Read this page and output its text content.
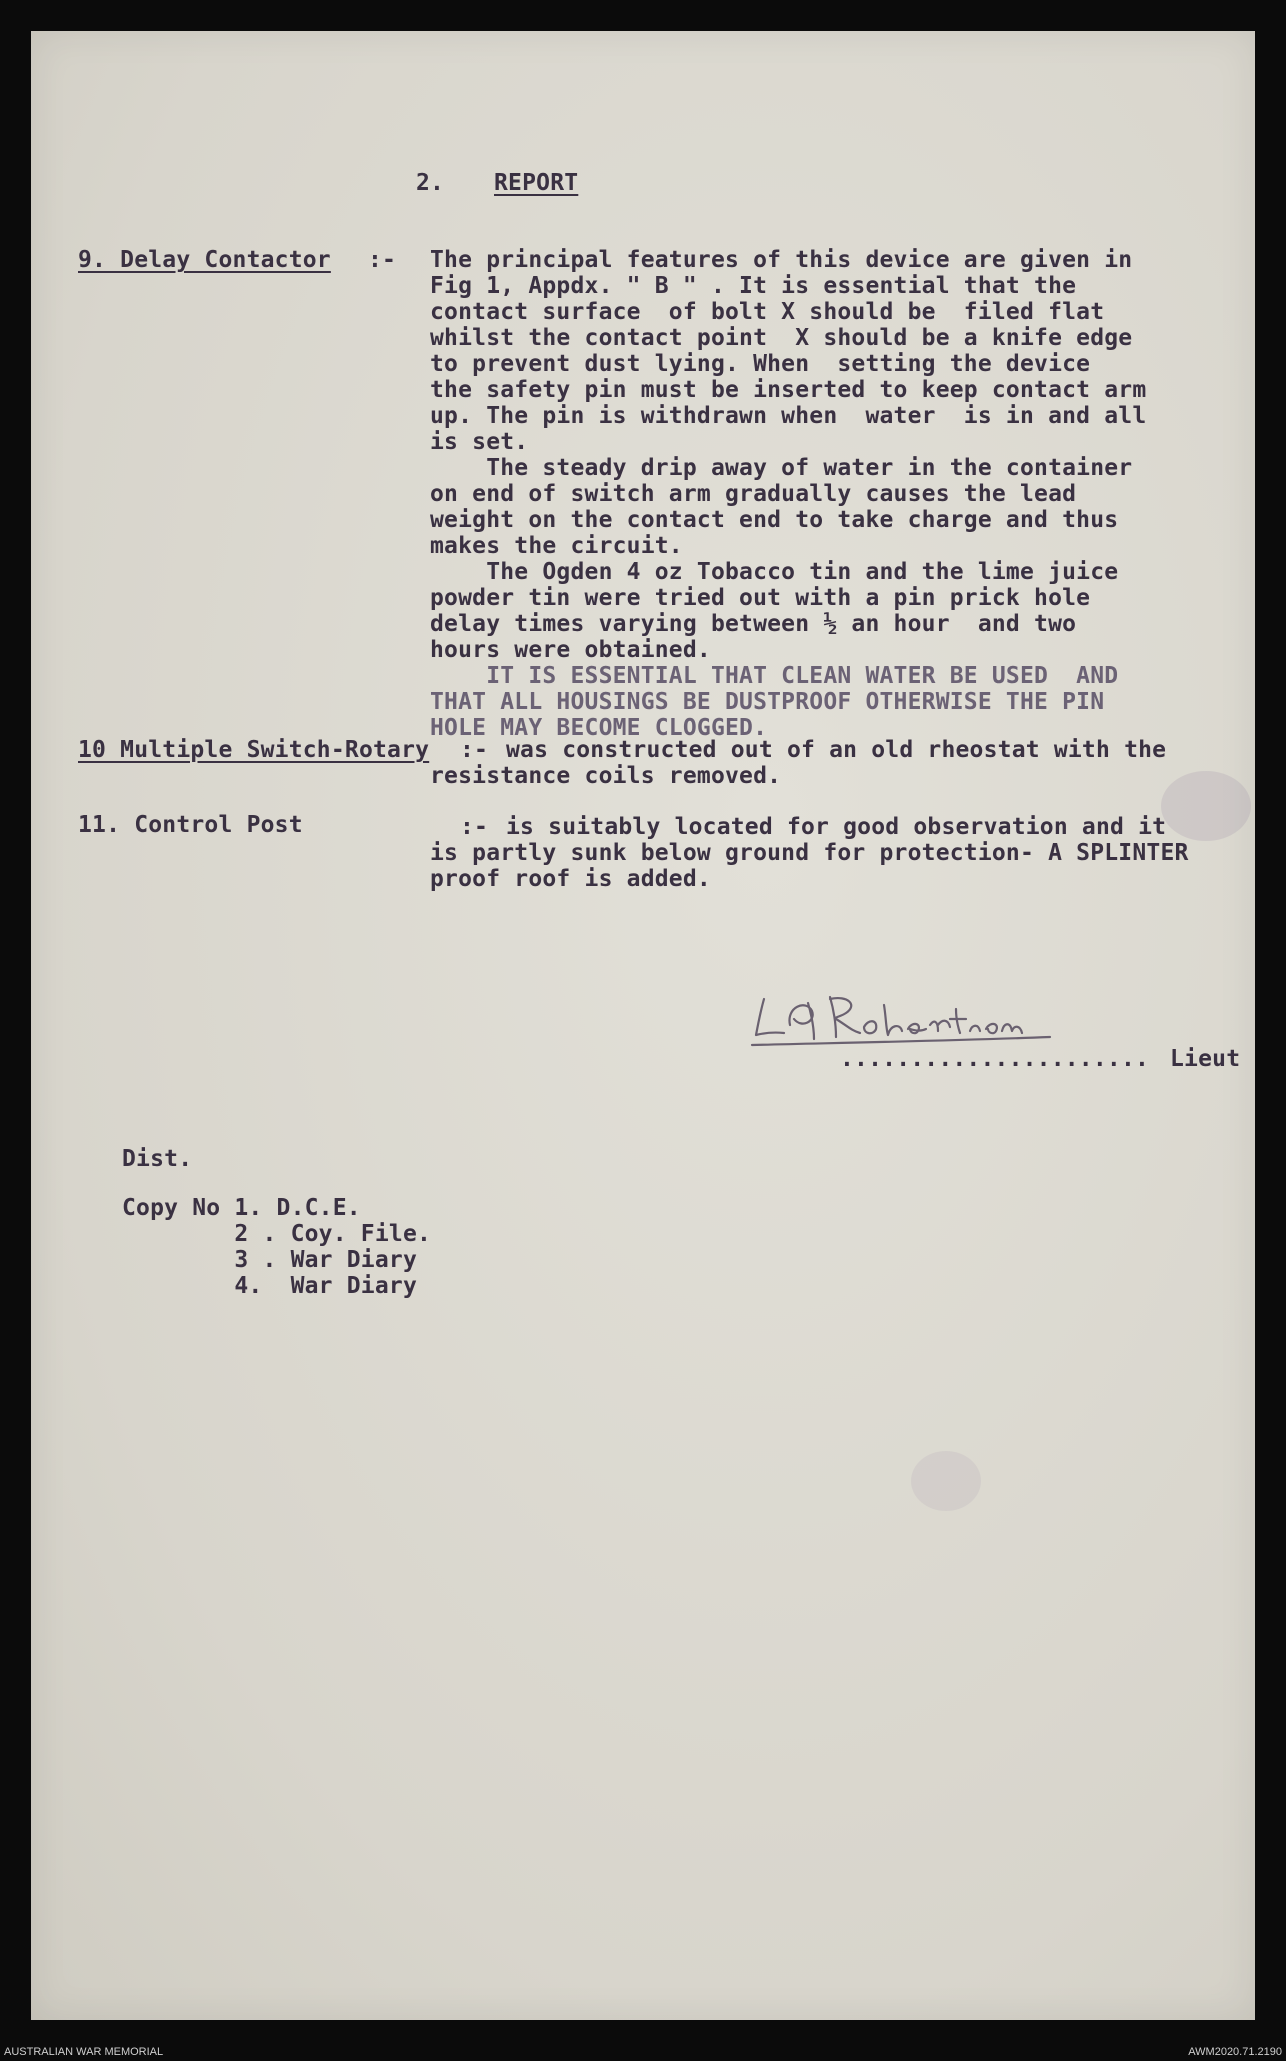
2. REPORT
9. Delay Contactor :- The principal features of this device are given in
Fig 1, Appdx. " B " . It is essential that the
contact surface  of bolt X should be  filed flat
whilst the contact point  X should be a knife edge
to prevent dust lying. When  setting the device
the safety pin must be inserted to keep contact arm
up. The pin is withdrawn when  water  is in and all
is set.
The steady drip away of water in the container
on end of switch arm gradually causes the lead
weight on the contact end to take charge and thus
makes the circuit.
The Ogden 4 oz Tobacco tin and the lime juice
powder tin were tried out with a pin prick hole
delay times varying between ½ an hour  and two
hours were obtained.
IT IS ESSENTIAL THAT CLEAN WATER BE USED  AND
THAT ALL HOUSINGS BE DUSTPROOF OTHERWISE THE PIN
HOLE MAY BECOME CLOGGED.
10 Multiple Switch-Rotary :- was constructed out of an old rheostat with the
resistance coils removed.
11. Control Post	:- is suitably located for good observation and it
is partly sunk below ground for protection- A SPLINTER
proof roof is added.
...................... Lieut
Dist.
Copy No 1. D.C.E.
2 . Coy. File.
3 . War Diary
4.  War Diary
AUSTRALIAN WAR MEMORIAL	AWM2020.71.2190
